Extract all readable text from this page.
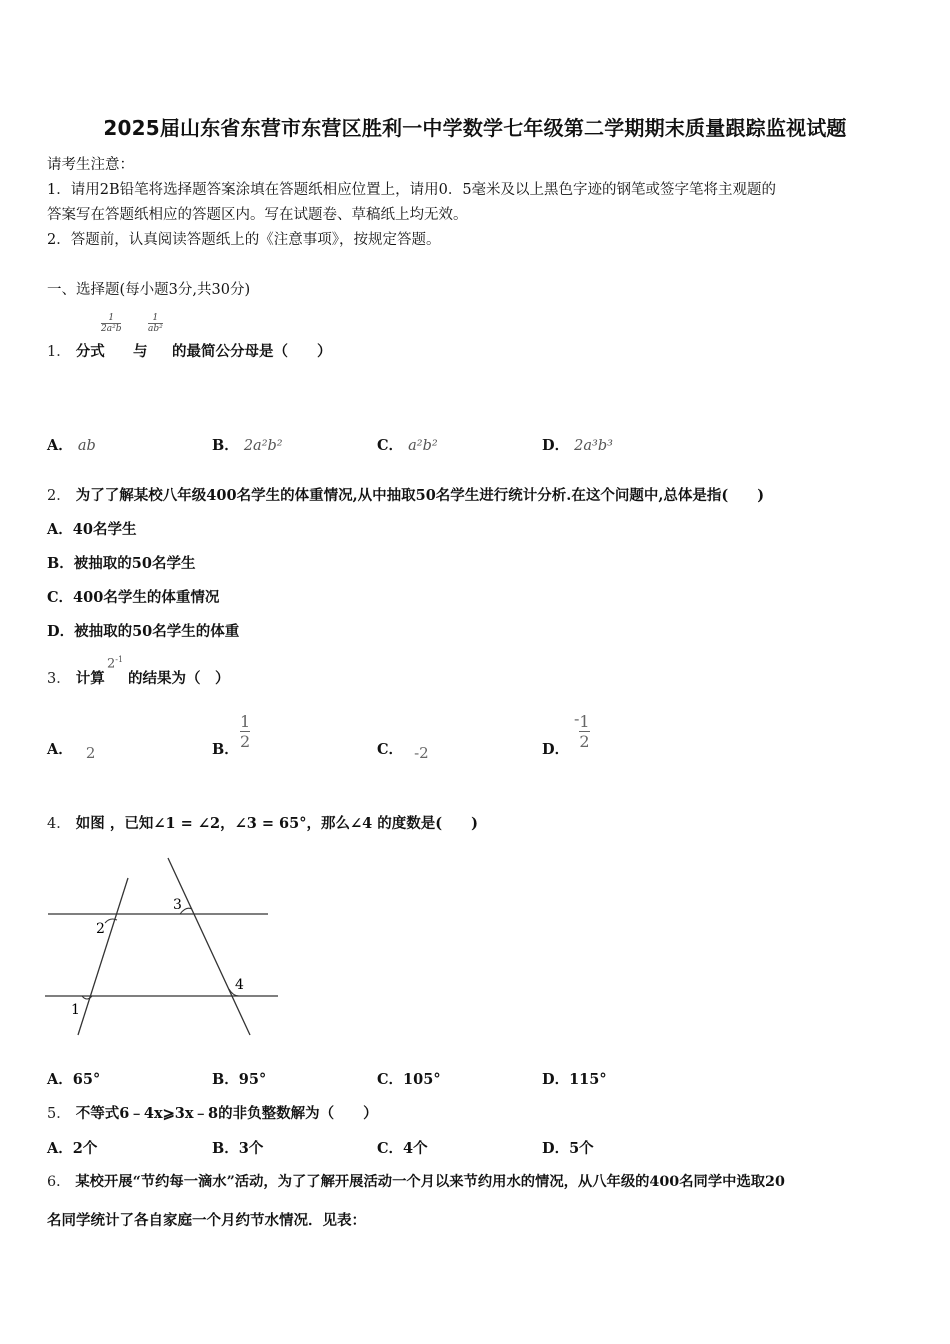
2025届山东省东营市东营区胜利一中学数学七年级第二学期期末质量跟踪监视试题
请考生注意：
1．请用2B铅笔将选择题答案涂填在答题纸相应位置上，请用0．5毫米及以上黑色字迹的钢笔或签字笔将主观题的
答案写在答题纸相应的答题区内。写在试题卷、草稿纸上均无效。
2．答题前，认真阅读答题纸上的《注意事项》，按规定答题。
一、选择题(每小题3分,共30分)
$\frac{1}{\text{2a²b}}$	$\frac{1}{\text{ab²}}$
1． 分式 与 的最简公分母是（　　）
A． ab	B． 2a²b²	C． a²b²	D． 2a³b³
2． 为了了解某校八年级400名学生的体重情况,从中抽取50名学生进行统计分析.在这个问题中,总体是指(　　)
A．40名学生
B．被抽取的50名学生
C．400名学生的体重情况
D．被抽取的50名学生的体重
3． 计算
$2^{-1}$
的结果为（　）
A． 2	B． $\frac{1}{2}$	C． -2	D．
- $\frac{1}{2}$
4． 如图 ，已知∠1 = ∠2，∠3 = 65°，那么∠4 的度数是(　　)
2
1
3
4
A．65°	B．95°	C．105°	D．115°
5． 不等式6﹣4x⩾3x﹣8的非负整数解为（　　）
A．2个	B．3个	C．4个	D．5个
6． 某校开展“节约每一滴水”活动，为了了解开展活动一个月以来节约用水的情况，从八年级的400名同学中选取20
名同学统计了各自家庭一个月约节水情况．见表：
